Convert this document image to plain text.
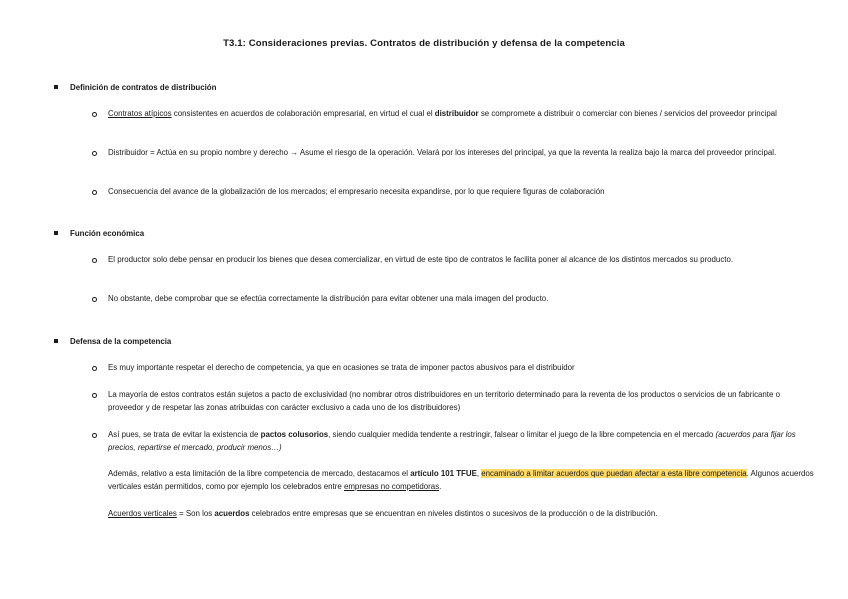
T3.1: Consideraciones previas. Contratos de distribución y defensa de la competencia
Definición de contratos de distribución
Contratos atípicos consistentes en acuerdos de colaboración empresarial, en virtud el cual el distribuidor se compromete a distribuir o comerciar con bienes / servicios del proveedor principal
Distribuidor = Actúa en su propio nombre y derecho → Asume el riesgo de la operación. Velará por los intereses del principal, ya que la reventa la realiza bajo la marca del proveedor principal.
Consecuencia del avance de la globalización de los mercados; el empresario necesita expandirse, por lo que requiere figuras de colaboración
Función económica
El productor solo debe pensar en producir los bienes que desea comercializar, en virtud de este tipo de contratos le facilita poner al alcance de los distintos mercados su producto.
No obstante, debe comprobar que se efectúa correctamente la distribución para evitar obtener una mala imagen del producto.
Defensa de la competencia
Es muy importante respetar el derecho de competencia, ya que en ocasiones se trata de imponer pactos abusivos para el distribuidor
La mayoría de estos contratos están sujetos a pacto de exclusividad (no nombrar otros distribuidores en un territorio determinado para la reventa de los productos o servicios de un fabricante o proveedor y de respetar las zonas atribuidas con carácter exclusivo a cada uno de los distribuidores)
Así pues, se trata de evitar la existencia de pactos colusorios, siendo cualquier medida tendente a restringir, falsear o limitar el juego de la libre competencia en el mercado (acuerdos para fijar los precios, repartirse el mercado, producir menos…)
Además, relativo a esta limitación de la libre competencia de mercado, destacamos el artículo 101 TFUE, encaminado a limitar acuerdos que puedan afectar a esta libre competencia. Algunos acuerdos verticales están permitidos, como por ejemplo los celebrados entre empresas no competidoras.
Acuerdos verticales = Son los acuerdos celebrados entre empresas que se encuentran en niveles distintos o sucesivos de la producción o de la distribución.
